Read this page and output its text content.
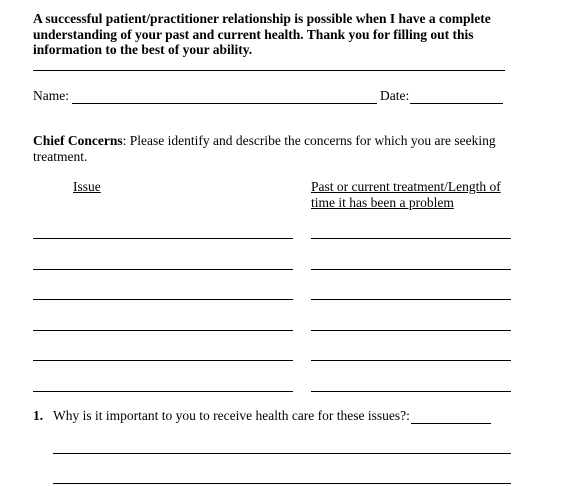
A successful patient/practitioner relationship is possible when I have a complete understanding of your past and current health. Thank you for filling out this information to the best of your ability.
Name:	Date:
Chief Concerns: Please identify and describe the concerns for which you are seeking treatment.
Issue	Past or current treatment/Length of time it has been a problem
1. Why is it important to you to receive health care for these issues?:
